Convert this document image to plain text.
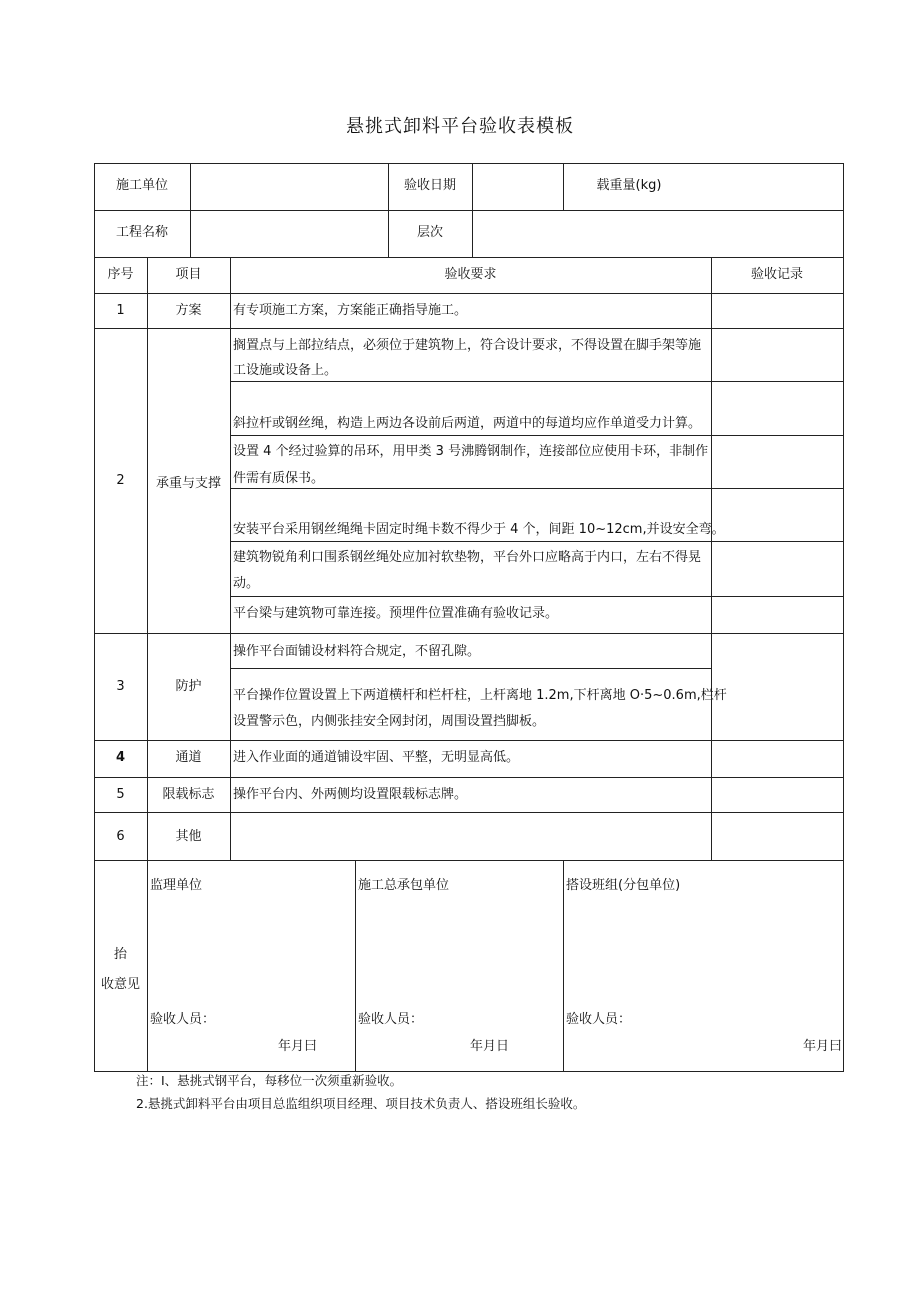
悬挑式卸料平台验收表模板
施工单位	验收日期	载重量(kg)
工程名称	层次
序号	项目	验收要求	验收记录
1	方案	有专项施工方案，方案能正确指导施工。
2	承重与支撑
搁置点与上部拉结点，必须位于建筑物上，符合设计要求，不得设置在脚手架等施
工设施或设备上。
斜拉杆或钢丝绳，构造上两边各设前后两道，两道中的每道均应作单道受力计算。
设置 4 个经过验算的吊环，用甲类 3 号沸腾钢制作，连接部位应使用卡环，非制作
件需有质保书。
安装平台采用钢丝绳绳卡固定时绳卡数不得少于 4 个，间距 10~12cm,并设安全弯。
建筑物锐角利口围系钢丝绳处应加衬软垫物，平台外口应略高于内口，左右不得晃
动。
平台梁与建筑物可靠连接。预埋件位置准确有验收记录。
3	防护
操作平台面铺设材料符合规定，不留孔隙。
平台操作位置设置上下两道横杆和栏杆柱，上杆离地 1.2m,下杆离地 O·5~0.6m,栏杆
设置警示色，内侧张挂安全网封闭，周围设置挡脚板。
4	通道	进入作业面的通道铺设牢固、平整，无明显高低。
5	限载标志	操作平台内、外两侧均设置限载标志牌。
6	其他
抬
收意见
监理单位	施工总承包单位	搭设班组(分包单位)
验收人员：	验收人员：	验收人员：
年月曰	年月日	年月曰
注：I、悬挑式钢平台，每移位一次须重新验收。
2.悬挑式卸料平台由项目总监组织项目经理、项目技术负责人、搭设班组长验收。
